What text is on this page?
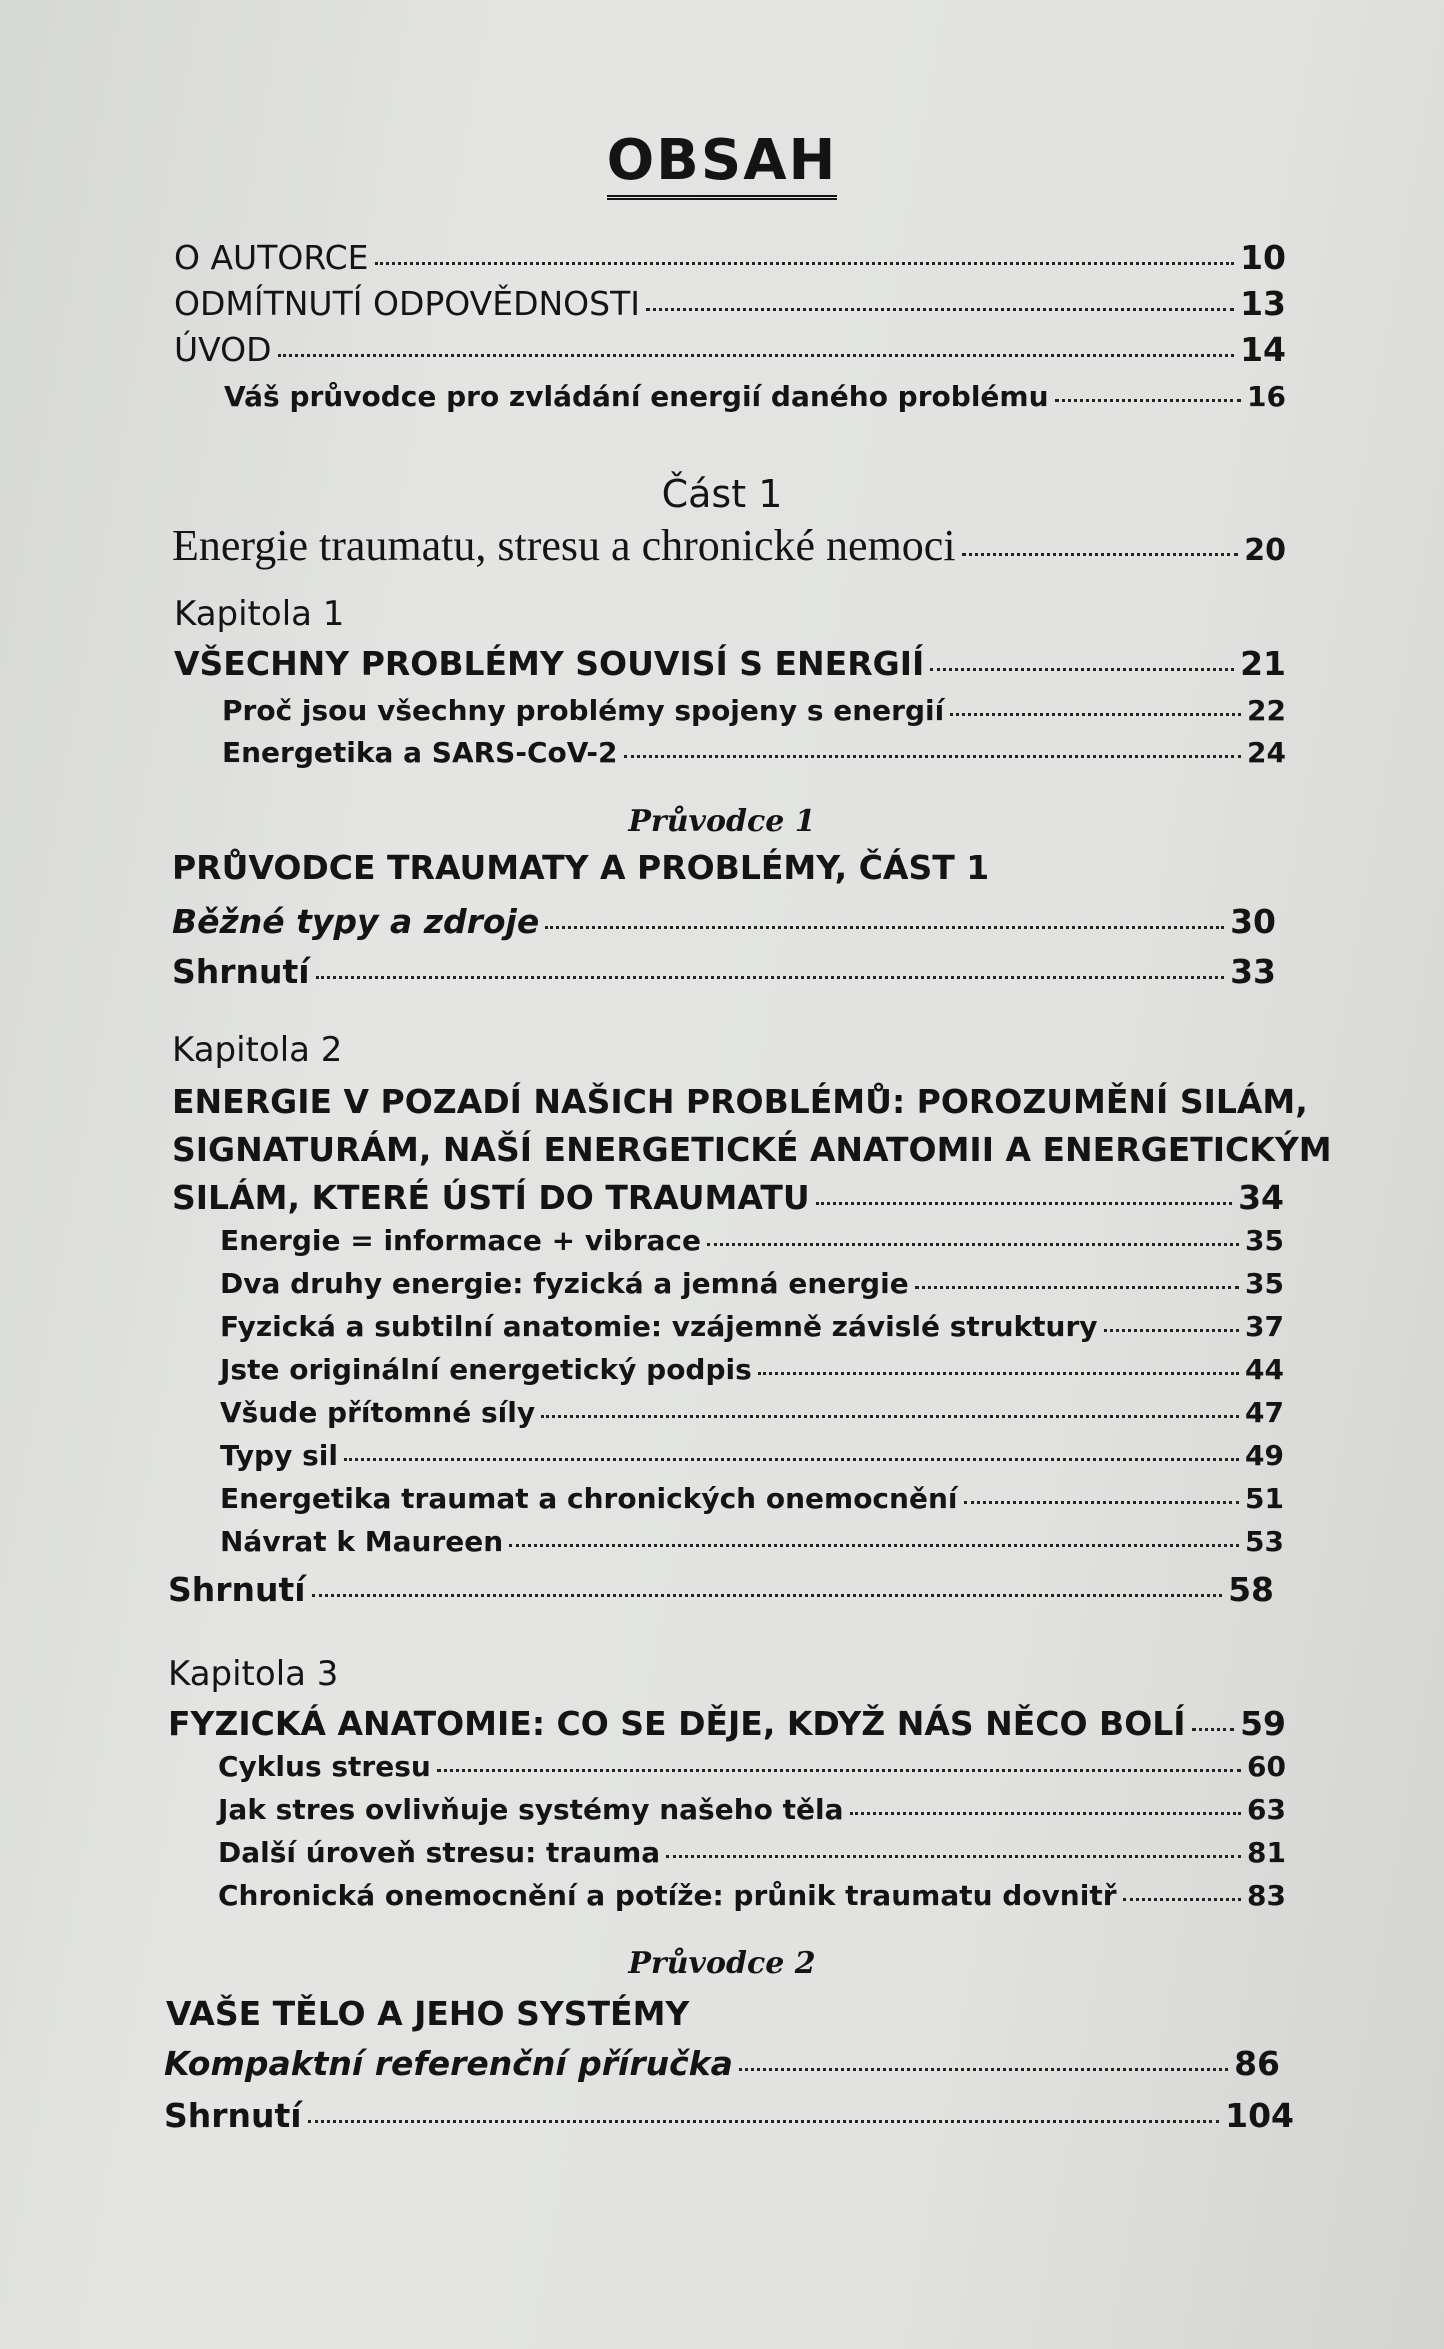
OBSAH
O AUTORCE	10
ODMÍTNUTÍ ODPOVĚDNOSTI	13
ÚVOD	14
Váš průvodce pro zvládání energií daného problému	16
Část 1
Energie traumatu, stresu a chronické nemoci	20
Kapitola 1
VŠECHNY PROBLÉMY SOUVISÍ S ENERGIÍ	21
Proč jsou všechny problémy spojeny s energií	22
Energetika a SARS-CoV-2	24
Průvodce 1
PRŮVODCE TRAUMATY A PROBLÉMY, ČÁST 1
Běžné typy a zdroje	30
Shrnutí	33
Kapitola 2
ENERGIE V POZADÍ NAŠICH PROBLÉMŮ: POROZUMĚNÍ SILÁM,
SIGNATURÁM, NAŠÍ ENERGETICKÉ ANATOMII A ENERGETICKÝM
SILÁM, KTERÉ ÚSTÍ DO TRAUMATU	34
Energie = informace + vibrace	35
Dva druhy energie: fyzická a jemná energie	35
Fyzická a subtilní anatomie: vzájemně závislé struktury	37
Jste originální energetický podpis	44
Všude přítomné síly	47
Typy sil	49
Energetika traumat a chronických onemocnění	51
Návrat k Maureen	53
Shrnutí	58
Kapitola 3
FYZICKÁ ANATOMIE: CO SE DĚJE, KDYŽ NÁS NĚCO BOLÍ 59
Cyklus stresu	60
Jak stres ovlivňuje systémy našeho těla	63
Další úroveň stresu: trauma	81
Chronická onemocnění a potíže: průnik traumatu dovnitř	83
Průvodce 2
VAŠE TĚLO A JEHO SYSTÉMY
Kompaktní referenční příručka	86
Shrnutí	104
